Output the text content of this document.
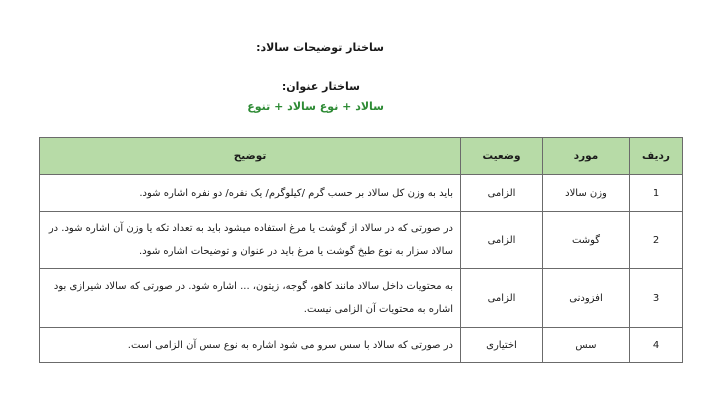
ساختار توضیحات سالاد:
ساختار عنوان:
سالاد + نوع سالاد + تنوع
ردیف	مورد	وضعیت	توضیح
1	وزن سالاد	الزامی	باید به وزن کل سالاد بر حسب گرم /کیلوگرم/ یک نفره/ دو نفره اشاره شود.
2	گوشت	الزامی	در صورتی که در سالاد از گوشت یا مرغ استفاده میشود باید به تعداد تکه یا وزن آن اشاره شود. در سالاد سزار به نوع طبخ گوشت یا مرغ باید در عنوان و توضیحات اشاره شود.
3	افزودنی	الزامی	به محتویات داخل سالاد مانند کاهو، گوجه، زیتون، ... اشاره شود. در صورتی که سالاد شیرازی بود اشاره به محتویات آن الزامی نیست.
4	سس	اختیاری	در صورتی که سالاد با سس سرو می شود اشاره به نوع سس آن الزامی است.
